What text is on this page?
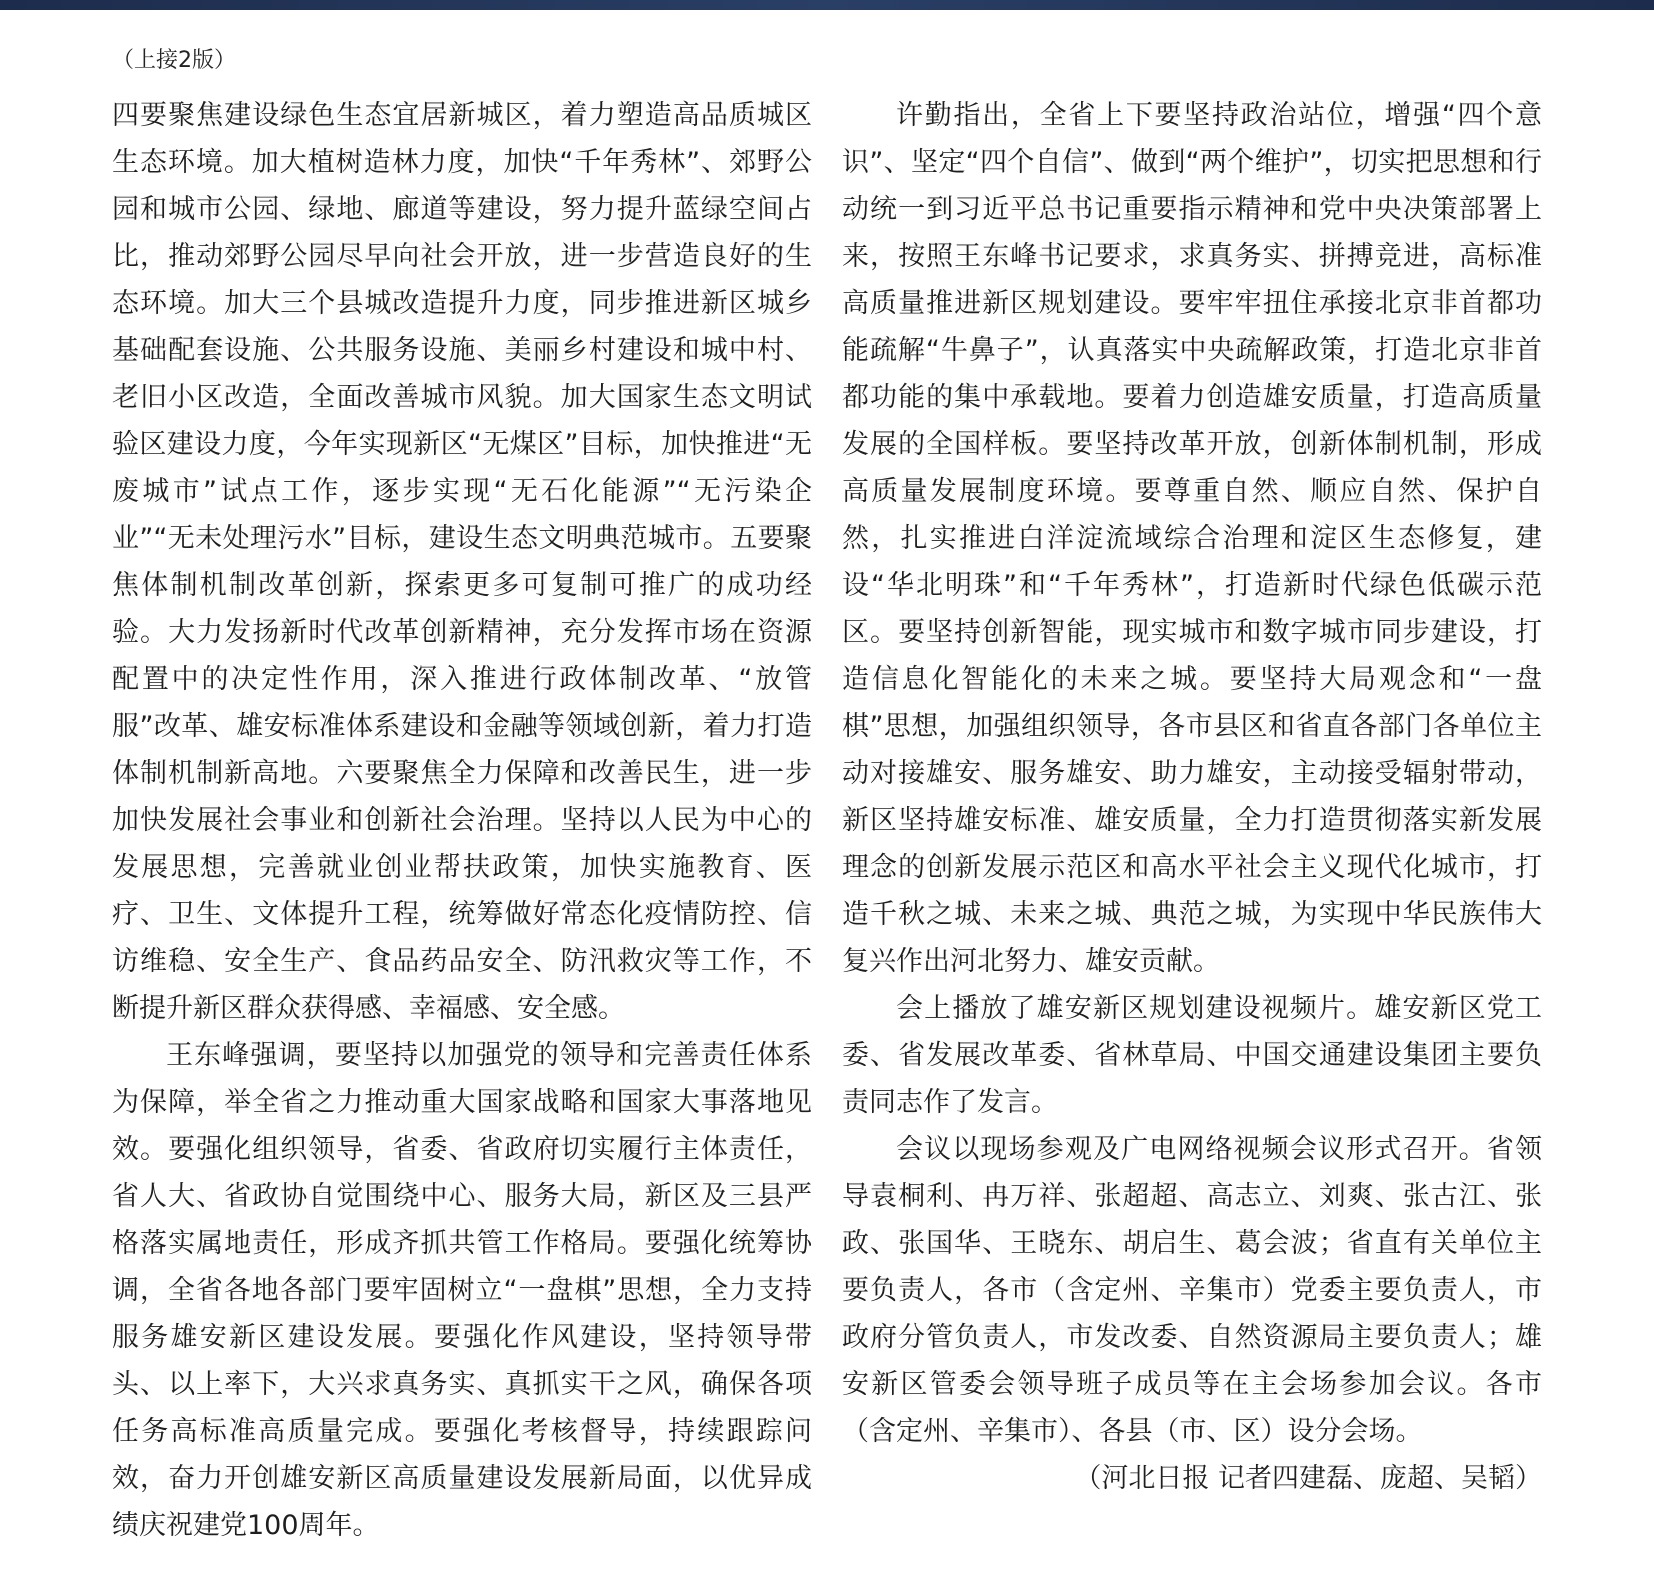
（上接2版）

四要聚焦建设绿色生态宜居新城区，着力塑造高品质城区生态环境。加大植树造林力度，加快“千年秀林”、郊野公园和城市公园、绿地、廊道等建设，努力提升蓝绿空间占比，推动郊野公园尽早向社会开放，进一步营造良好的生态环境。加大三个县城改造提升力度，同步推进新区城乡基础配套设施、公共服务设施、美丽乡村建设和城中村、老旧小区改造，全面改善城市风貌。加大国家生态文明试验区建设力度，今年实现新区“无煤区”目标，加快推进“无废城市”试点工作，逐步实现“无石化能源”“无污染企业”“无未处理污水”目标，建设生态文明典范城市。五要聚焦体制机制改革创新，探索更多可复制可推广的成功经验。大力发扬新时代改革创新精神，充分发挥市场在资源配置中的决定性作用，深入推进行政体制改革、“放管服”改革、雄安标准体系建设和金融等领域创新，着力打造体制机制新高地。六要聚焦全力保障和改善民生，进一步加快发展社会事业和创新社会治理。坚持以人民为中心的发展思想，完善就业创业帮扶政策，加快实施教育、医疗、卫生、文体提升工程，统筹做好常态化疫情防控、信访维稳、安全生产、食品药品安全、防汛救灾等工作，不断提升新区群众获得感、幸福感、安全感。

王东峰强调，要坚持以加强党的领导和完善责任体系为保障，举全省之力推动重大国家战略和国家大事落地见效。要强化组织领导，省委、省政府切实履行主体责任，省人大、省政协自觉围绕中心、服务大局，新区及三县严格落实属地责任，形成齐抓共管工作格局。要强化统筹协调，全省各地各部门要牢固树立“一盘棋”思想，全力支持服务雄安新区建设发展。要强化作风建设，坚持领导带头、以上率下，大兴求真务实、真抓实干之风，确保各项任务高标准高质量完成。要强化考核督导，持续跟踪问效，奋力开创雄安新区高质量建设发展新局面，以优异成绩庆祝建党100周年。

许勤指出，全省上下要坚持政治站位，增强“四个意识”、坚定“四个自信”、做到“两个维护”，切实把思想和行动统一到习近平总书记重要指示精神和党中央决策部署上来，按照王东峰书记要求，求真务实、拼搏竞进，高标准高质量推进新区规划建设。要牢牢扭住承接北京非首都功能疏解“牛鼻子”，认真落实中央疏解政策，打造北京非首都功能的集中承载地。要着力创造雄安质量，打造高质量发展的全国样板。要坚持改革开放，创新体制机制，形成高质量发展制度环境。要尊重自然、顺应自然、保护自然，扎实推进白洋淀流域综合治理和淀区生态修复，建设“华北明珠”和“千年秀林”，打造新时代绿色低碳示范区。要坚持创新智能，现实城市和数字城市同步建设，打造信息化智能化的未来之城。要坚持大局观念和“一盘棋”思想，加强组织领导，各市县区和省直各部门各单位主动对接雄安、服务雄安、助力雄安，主动接受辐射带动，新区坚持雄安标准、雄安质量，全力打造贯彻落实新发展理念的创新发展示范区和高水平社会主义现代化城市，打造千秋之城、未来之城、典范之城，为实现中华民族伟大复兴作出河北努力、雄安贡献。

会上播放了雄安新区规划建设视频片。雄安新区党工委、省发展改革委、省林草局、中国交通建设集团主要负责同志作了发言。

会议以现场参观及广电网络视频会议形式召开。省领导袁桐利、冉万祥、张超超、高志立、刘爽、张古江、张政、张国华、王晓东、胡启生、葛会波；省直有关单位主要负责人，各市（含定州、辛集市）党委主要负责人，市政府分管负责人，市发改委、自然资源局主要负责人；雄安新区管委会领导班子成员等在主会场参加会议。各市（含定州、辛集市）、各县（市、区）设分会场。

（河北日报 记者四建磊、庞超、吴韬）
